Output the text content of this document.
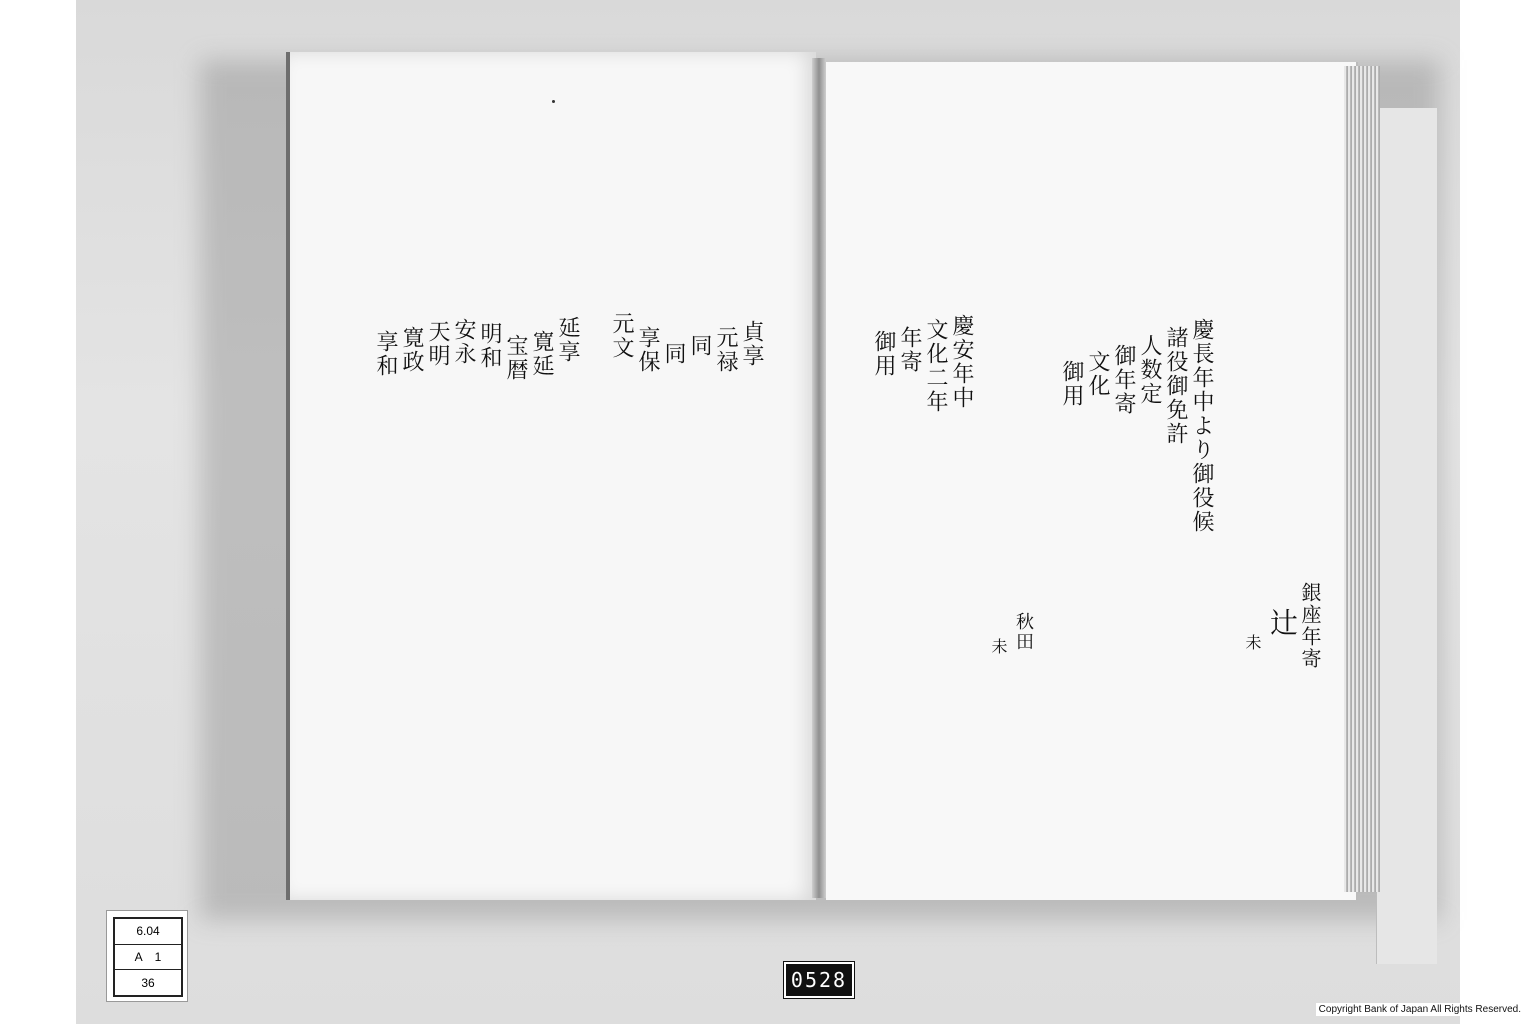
銀座年寄
辻
未
慶長年中より御役候
諸役御免許
人数定
御年寄
文化
御用
秋田
未
慶安年中
文化二年
年寄
御用
貞享
元禄
同
同
享保
元文
延享
寛延
宝暦
明和
安永
天明
寛政
享和
6.04
A 1
36	0528
Copyright Bank of Japan All Rights Reserved.
